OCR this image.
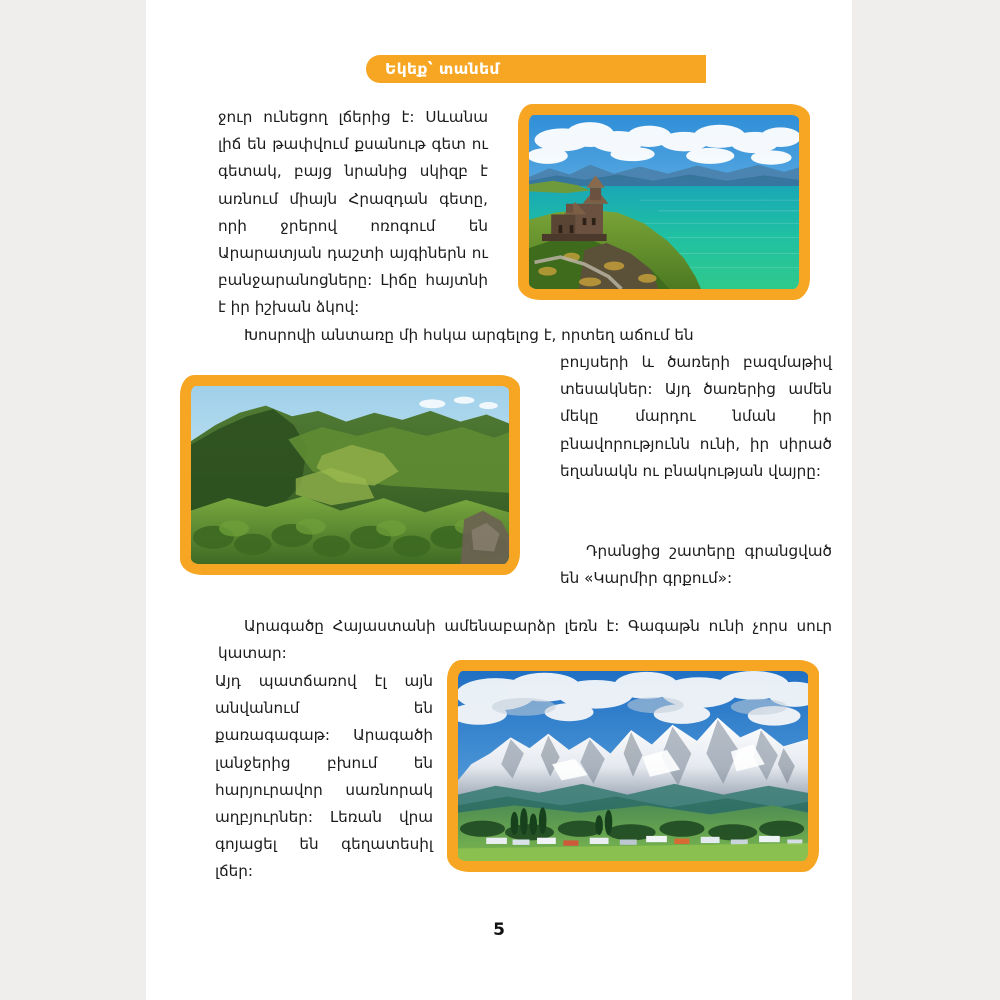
Եկեք՝ տանեմ
ջուր ունեցող լճերից է: Սևանա լիճ են թափվում քսանութ գետ ու գետակ, բայց նրանից սկիզբ է առնում միայն Հրազդան գետը, որի ջրերով ոռոգում են Արարատյան դաշտի այգիներն ու բանջարանոցները: Լիճը հայտնի է իր իշխան ձկով:
Խոսրովի անտառը մի հսկա արգելոց է, որտեղ աճում են
բույսերի և ծառերի բազմաթիվ տեսակներ: Այդ ծառերից ամեն մեկը մարդու նման իր բնավորությունն ունի, իր սիրած եղանակն ու բնակության վայրը:
Դրանցից շատերը գրանցված են «Կարմիր գրքում»:
Արագածը Հայաստանի ամենաբարձր լեռն է: Գագաթն ունի չորս սուր կատար:
Այդ պատճառով էլ այն անվանում են քառագագաթ: Արագածի լանջերից բխում են հարյուրավոր սառնորակ աղբյուրներ: Լեռան վրա գոյացել են գեղատեսիլ լճեր:
5
